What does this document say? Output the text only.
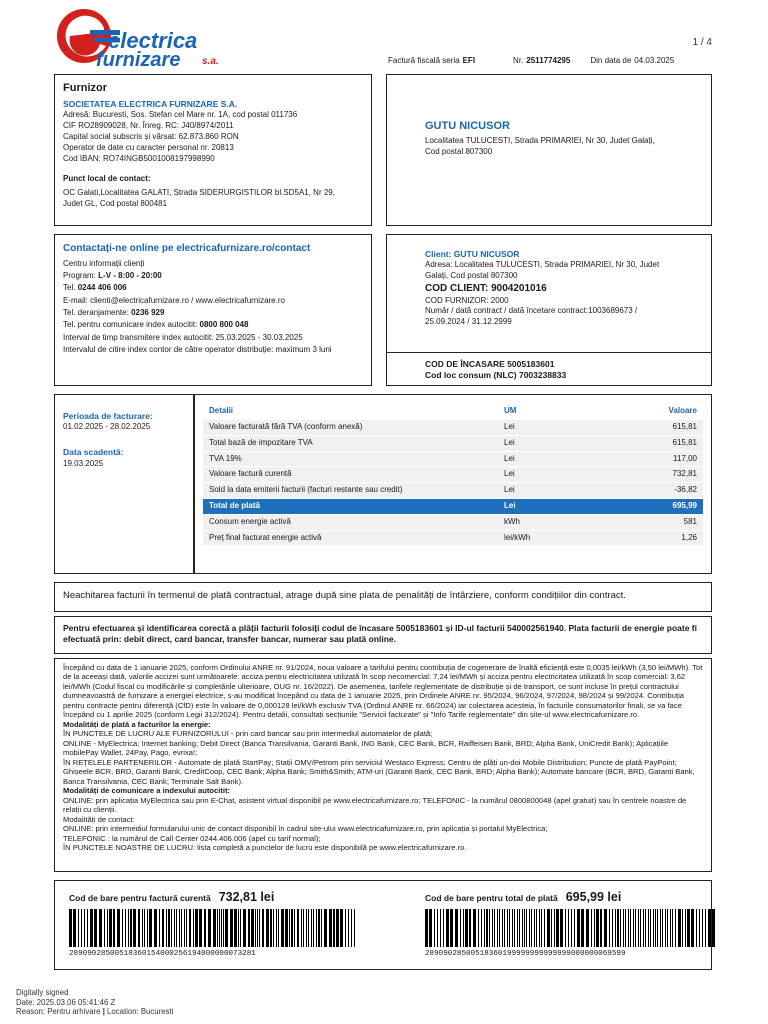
electrica
furnizare s.a.
1 / 4
Factură fiscală seria EFI	Nr. 2511774295	Din data de 04.03.2025
Furnizor
SOCIETATEA ELECTRICA FURNIZARE S.A.
Adresă: Bucuresti, Sos. Stefan cel Mare nr. 1A, cod postal 011736
CIF RO28909028, Nr. Înreg. RC: J40/8974/2011
Capital social subscris și vărsat: 62.873.860 RON
Operator de date cu caracter personal nr. 20813
Cod IBAN: RO74INGB5001008197998990
Punct local de contact:
OC Galati,Localitatea GALATI, Strada SIDERURGISTILOR bl.SD5A1, Nr 29,
Judet GL, Cod postal 800481
GUTU NICUSOR
Localitatea TULUCESTI, Strada PRIMARIEI, Nr 30, Judet Galați,
Cod postal 807300
Contactați-ne online pe electricafurnizare.ro/contact
Centru informații clienți
Program: L-V - 8:00 - 20:00
Tel. 0244 406 006
E-mail: clienti@electricafurnizare.ro / www.electricafurnizare.ro
Tel. deranjamente: 0236 929
Tel. pentru comunicare index autocitit: 0800 800 048
Interval de timp transmitere index autocitit: 25.03.2025 - 30.03.2025
Intervalul de citire index contor de către operator distribuție: maximum 3 luni
Client: GUTU NICUSOR
Adresa: Localitatea TULUCESTI, Strada PRIMARIEI, Nr 30, Judet
Galați, Cod postal 807300
COD CLIENT: 9004201016
COD FURNIZOR: 2000
Număr / dată contract / dată încetare contract:1003689673 /
25.09.2024 / 31.12.2999
COD DE ÎNCASARE 5005183601
Cod loc consum (NLC) 7003238833
Perioada de facturare:
01.02.2025 - 28.02.2025
Data scadentă:
19.03.2025
Detalii	UM	Valoare
Valoare facturată fără TVA (conform anexă)	Lei	615,81
Total bază de impozitare TVA	Lei	615,81
TVA 19%	Lei	117,00
Valoare factură curentă	Lei	732,81
Sold la data emiterii facturii (facturi restante sau credit)	Lei	-36,82
Total de plată	Lei	695,99
Consum energie activă	kWh	581
Preț final facturat energie activă	lei/kWh	1,26
Neachitarea facturii în termenul de plată contractual, atrage după sine plata de penalități de întârziere, conform condițiilor din contract.
Pentru efectuarea și identificarea corectă a plății facturii folosiți codul de încasare 5005183601 și ID-ul facturii 540002561940. Plata facturii de energie poate fi efectuată prin: debit direct, card bancar, transfer bancar, numerar sau plată online.

Începând cu data de 1 ianuarie 2025, conform Ordinului ANRE nr. 91/2024, noua valoare a tarifului pentru contribuția de cogenerare de înaltă eficiență este 0,0035 lei/kWh (3,50 lei/MWh). Tot de la aceeași dată, valorile accizei sunt următoarele: acciza pentru electricitatea utilizată în scop necomercial: 7,24 lei/MWh și acciza pentru electricitatea utilizată în scop comercial: 3,62 lei/MWh (Codul fiscal cu modificările și completările ulterioare, OUG nr. 16/2022). De asemenea, tarifele reglementate de distribuție și de transport, ce sunt incluse în prețul contractului dumneavoastră de furnizare a energiei electrice, s-au modificat începând cu data de 1 ianuarie 2025, prin Ordinele ANRE nr. 95/2024, 96/2024, 97/2024, 98/2024 și 99/2024. Contribuția pentru contracte pentru diferență (CfD) este în valoare de 0,000128 lei/kWh exclusiv TVA (Ordinul ANRE nr. 66/2024) iar colectarea acesteia, în facturile consumatorilor finali, se va face începând cu 1 aprilie 2025 (conform Legii 312/2024). Pentru detalii, consultați secțiunile "Servicii facturate" și "Info Tarife reglementate" din site-ul www.electricafurnizare.ro.

Modalități de plată a facturilor la energie:

ÎN PUNCTELE DE LUCRU ALE FURNIZORULUI - prin card bancar sau prin intermediul automatelor de plată;

ONLINE - MyElectrica; Internet banking; Debit Direct (Banca Transilvania, Garanti Bank, ING Bank, CEC Bank, BCR, Raiffeisen Bank, BRD; Alpha Bank, UniCredit Bank); Aplicațiile mobilePay Wallet, 24Pay, Pago, evrixa!;

ÎN REȚELELE PARTENERILOR - Automate de plată StartPay; Stații OMV/Petrom prin serviciul Westaco Express; Centru de plăți un-doi Mobile Distribution; Puncte de plată PayPoint; Ghișeele BCR, BRD, Garanti Bank, CreditCoop, CEC Bank; Alpha Bank; Smith&Smith; ATM-uri (Garanti Bank, CEC Bank, BRD; Alpha Bank); Automate bancare (BCR, BRD, Garanti Bank, Banca Transilvania, CEC Bank; Terminale Salt Bank).

Modalități de comunicare a indexului autocitit:

ONLINE: prin aplicația MyElectrica sau prin E-Chat, asistent virtual disponibil pe www.electricafurnizare.ro; TELEFONIC - la numărul 0800800048 (apel gratuit) sau în centrele noastre de relații cu clienții.

Modalități de contact:

ONLINE: prin intermediul formularului unic de contact disponibil în cadrul site-ului www.electricafurnizare.ro, prin aplicația și portalul MyElectrica;

TELEFONIC : la numărul de Call Center 0244.406.006 (apel cu tarif normal);

ÎN PUNCTELE NOASTRE DE LUCRU: lista completă a punctelor de lucru este disponibilă pe www.electricafurnizare.ro.

Cod de bare pentru factură curentă 732,81 lei
28909028500518360154000256194000000073281
Cod de bare pentru total de plată 695,99 lei
28909028500518360199999999999999000000069599
Digitally signed
Date: 2025.03.06 05:41:46 Z
Reason: Pentru arhivare | Location: Bucuresti
